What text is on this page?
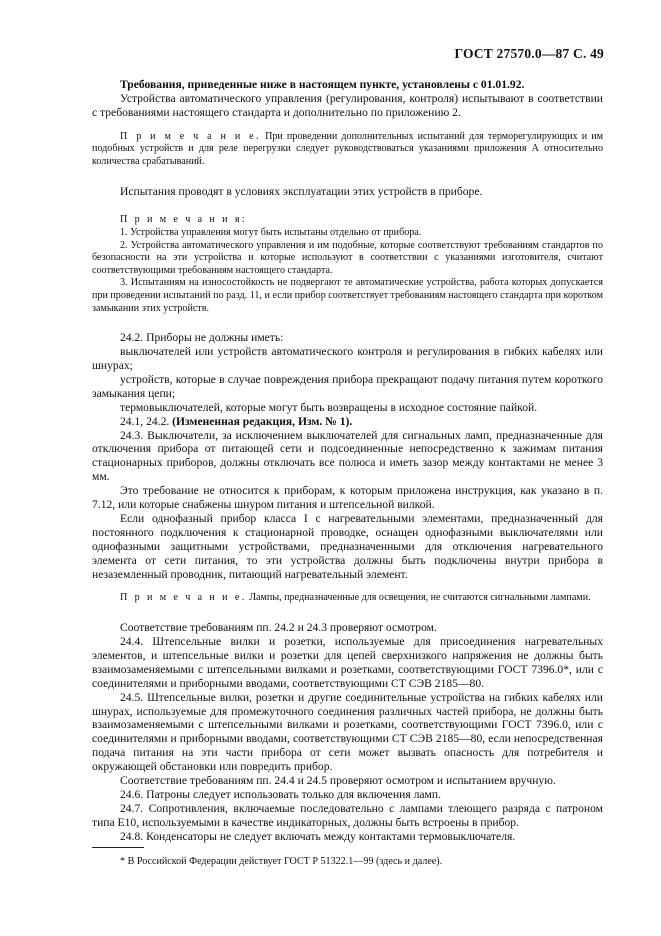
ГОСТ 27570.0—87 С. 49

Требования, приведенные ниже в настоящем пункте, установлены с 01.01.92.

Устройства автоматического управления (регулирования, контроля) испытывают в соответствии с требованиями настоящего стандарта и дополнительно по приложению 2.

П р и м е ч а н и е. При проведении дополнительных испытаний для терморегулирующих и им подобных устройств и для реле перегрузки следует руководствоваться указаниями приложения А относительно количества срабатываний.

Испытания проводят в условиях эксплуатации этих устройств в приборе.

П р и м е ч а н и я:

1. Устройства управления могут быть испытаны отдельно от прибора.

2. Устройства автоматического управления и им подобные, которые соответствуют требованиям стандартов по безопасности на эти устройства и которые используют в соответствии с указаниями изготовителя, считают соответствующими требованиям настоящего стандарта.

3. Испытаниям на износостойкость не подвергают те автоматические устройства, работа которых допускается при проведении испытаний по разд. 11, и если прибор соответствует требованиям настоящего стандарта при коротком замыкании этих устройств.

24.2. Приборы не должны иметь:

выключателей или устройств автоматического контроля и регулирования в гибких кабелях или шнурах;

устройств, которые в случае повреждения прибора прекращают подачу питания путем короткого замыкания цепи;

термовыключателей, которые могут быть возвращены в исходное состояние пайкой.

24.1, 24.2. (Измененная редакция, Изм. № 1).

24.3. Выключатели, за исключением выключателей для сигнальных ламп, предназначенные для отключения прибора от питающей сети и подсоединенные непосредственно к зажимам питания стационарных приборов, должны отключать все полюса и иметь зазор между контактами не менее 3 мм.

Это требование не относится к приборам, к которым приложена инструкция, как указано в п. 7.12, или которые снабжены шнуром питания и штепсельной вилкой.

Если однофазный прибор класса I с нагревательными элементами, предназначенный для постоянного подключения к стационарной проводке, оснащен однофазными выключателями или однофазными защитными устройствами, предназначенными для отключения нагревательного элемента от сети питания, то эти устройства должны быть подключены внутри прибора в незаземленный проводник, питающий нагревательный элемент.

П р и м е ч а н и е. Лампы, предназначенные для освещения, не считаются сигнальными лампами.

Соответствие требованиям пп. 24.2 и 24.3 проверяют осмотром.

24.4. Штепсельные вилки и розетки, используемые для присоединения нагревательных элементов, и штепсельные вилки и розетки для цепей сверхнизкого напряжения не должны быть взаимозаменяемыми с штепсельными вилками и розетками, соответствующими ГОСТ 7396.0*, или с соединителями и приборными вводами, соответствующими СТ СЭВ 2185—80.

24.5. Штепсельные вилки, розетки и другие соединительные устройства на гибких кабелях или шнурах, используемые для промежуточного соединения различных частей прибора, не должны быть взаимозаменяемыми с штепсельными вилками и розетками, соответствующими ГОСТ 7396.0, или с соединителями и приборными вводами, соответствующими СТ СЭВ 2185—80, если непосредственная подача питания на эти части прибора от сети может вызвать опасность для потребителя и окружающей обстановки или повредить прибор.

Соответствие требованиям пп. 24.4 и 24.5 проверяют осмотром и испытанием вручную.

24.6. Патроны следует использовать только для включения ламп.

24.7. Сопротивления, включаемые последовательно с лампами тлеющего разряда с патроном типа Е10, используемыми в качестве индикаторных, должны быть встроены в прибор.

24.8. Конденсаторы не следует включать между контактами термовыключателя.

* В Российской Федерации действует ГОСТ Р 51322.1—99 (здесь и далее).
